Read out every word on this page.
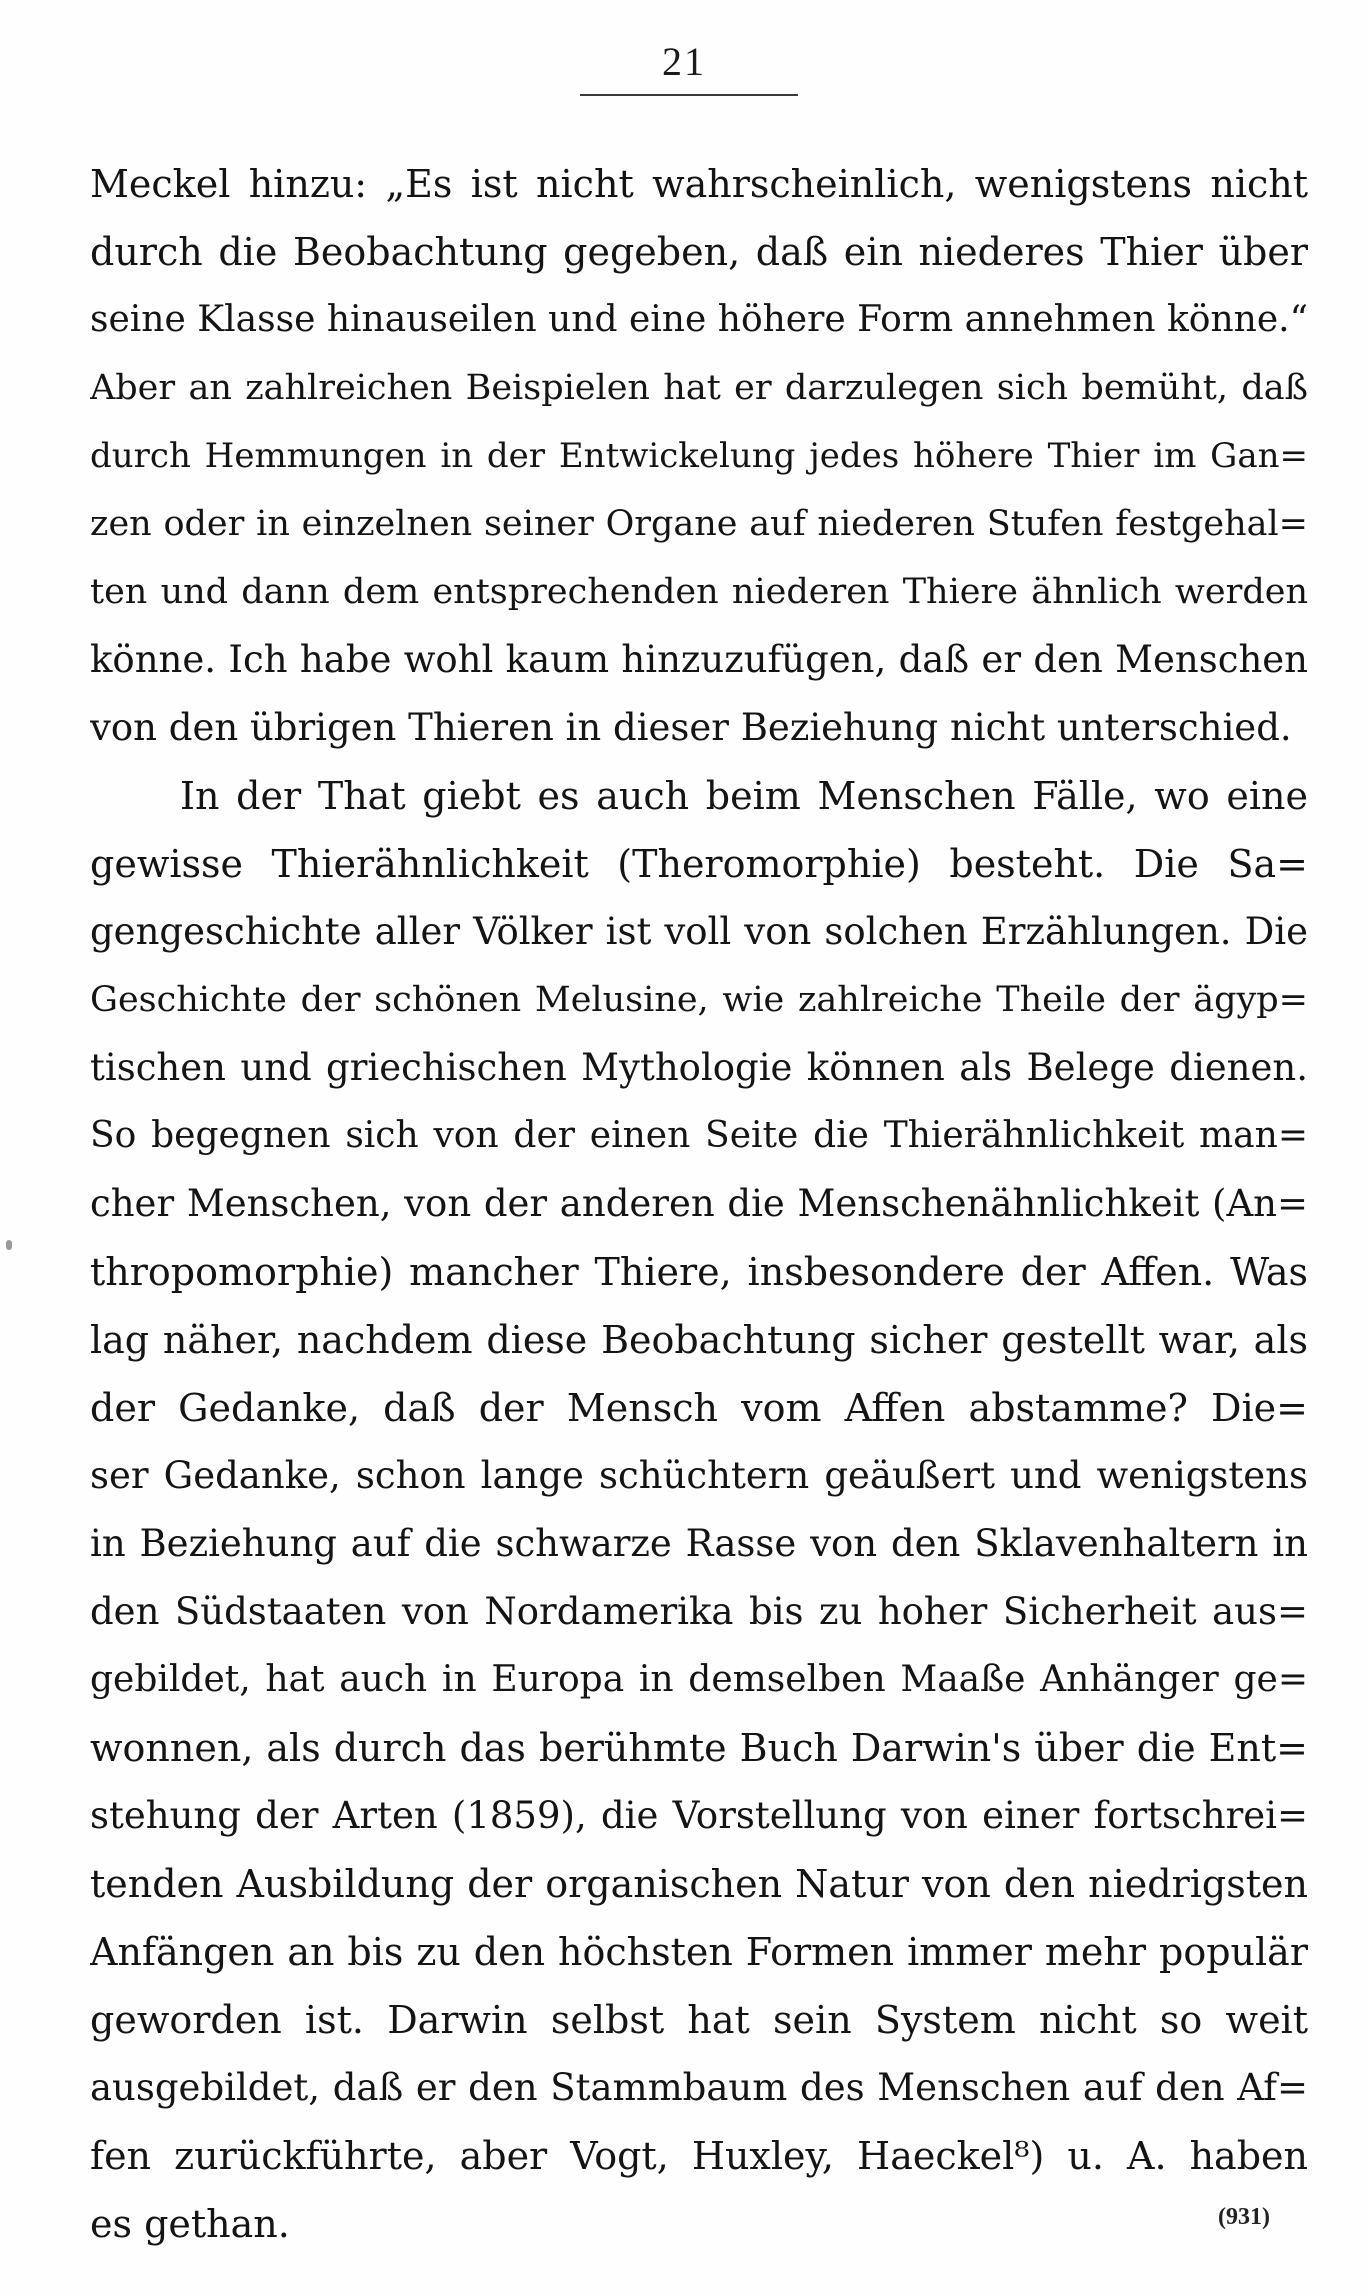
21
Meckel hinzu: „Es ist nicht wahrscheinlich, wenigstens nicht
durch die Beobachtung gegeben, daß ein niederes Thier über
seine Klasse hinauseilen und eine höhere Form annehmen könne.“
Aber an zahlreichen Beispielen hat er darzulegen sich bemüht, daß
durch Hemmungen in der Entwickelung jedes höhere Thier im Gan=
zen oder in einzelnen seiner Organe auf niederen Stufen festgehal=
ten und dann dem entsprechenden niederen Thiere ähnlich werden
könne. Ich habe wohl kaum hinzuzufügen, daß er den Menschen
von den übrigen Thieren in dieser Beziehung nicht unterschied.
In der That giebt es auch beim Menschen Fälle, wo eine
gewisse Thierähnlichkeit (Theromorphie) besteht. Die Sa=
gengeschichte aller Völker ist voll von solchen Erzählungen. Die
Geschichte der schönen Melusine, wie zahlreiche Theile der ägyp=
tischen und griechischen Mythologie können als Belege dienen.
So begegnen sich von der einen Seite die Thierähnlichkeit man=
cher Menschen, von der anderen die Menschenähnlichkeit (An=
thropomorphie) mancher Thiere, insbesondere der Affen. Was
lag näher, nachdem diese Beobachtung sicher gestellt war, als
der Gedanke, daß der Mensch vom Affen abstamme? Die=
ser Gedanke, schon lange schüchtern geäußert und wenigstens
in Beziehung auf die schwarze Rasse von den Sklavenhaltern in
den Südstaaten von Nordamerika bis zu hoher Sicherheit aus=
gebildet, hat auch in Europa in demselben Maaße Anhänger ge=
wonnen, als durch das berühmte Buch Darwin's über die Ent=
stehung der Arten (1859), die Vorstellung von einer fortschrei=
tenden Ausbildung der organischen Natur von den niedrigsten
Anfängen an bis zu den höchsten Formen immer mehr populär
geworden ist. Darwin selbst hat sein System nicht so weit
ausgebildet, daß er den Stammbaum des Menschen auf den Af=
fen zurückführte, aber Vogt, Huxley, Haeckel⁸) u. A. haben
es gethan.	(931)
